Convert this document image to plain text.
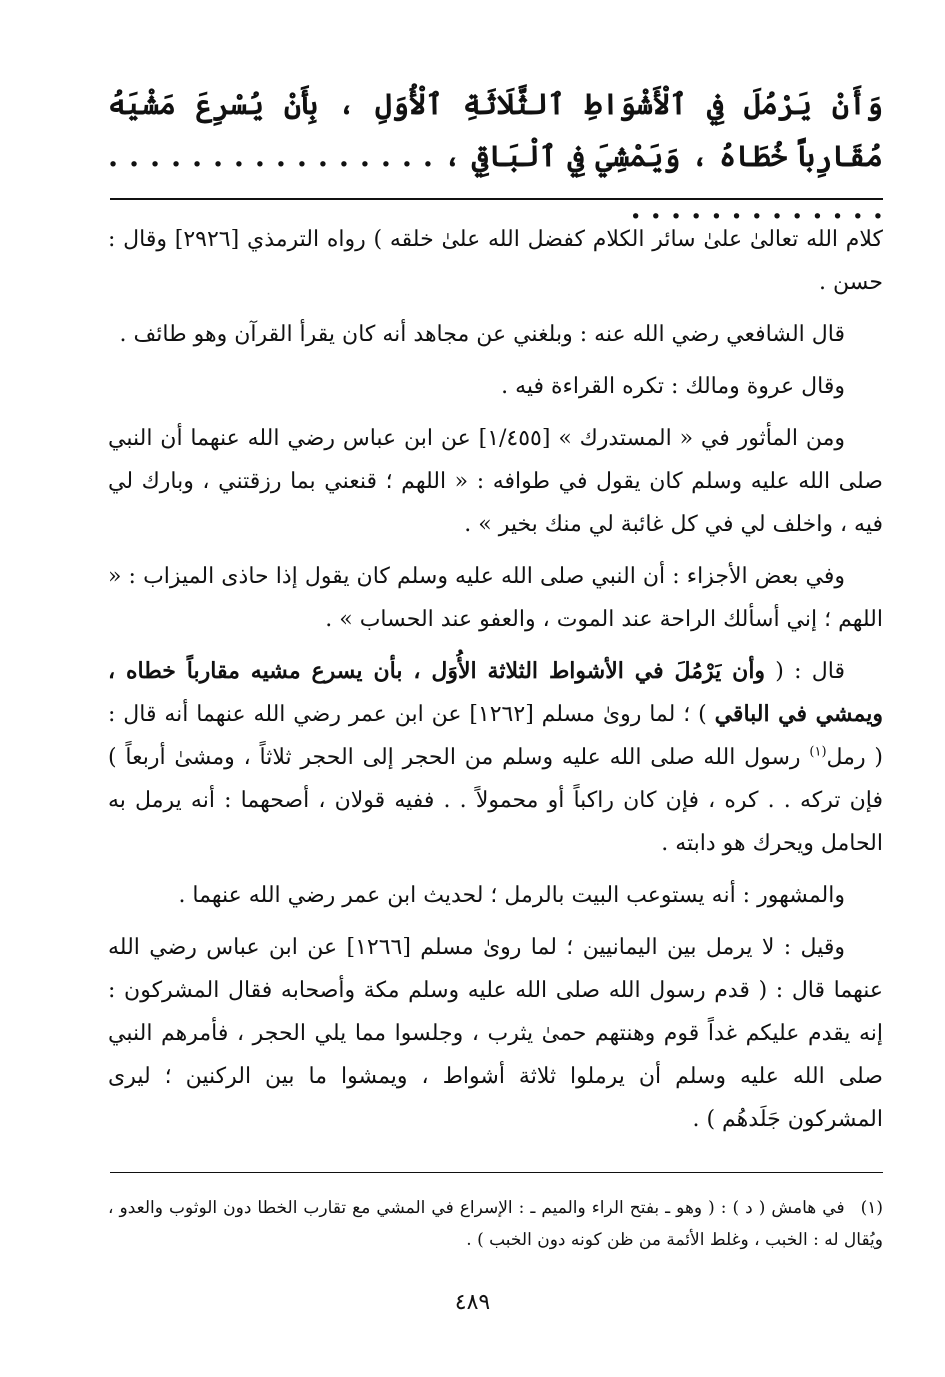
وَأَنْ يَرْمُلَ فِي ٱلْأَشْوَاطِ ٱلثَّلَاثَةِ ٱلْأُوَلِ ، بِأَنْ يُسْرِعَ مَشْيَهُ مُقَارِباً خُطَاهُ ، وَيَمْشِيَ فِي ٱلْبَاقِي ، . . . . . . . . . . . . . . . . . . . . . . . . . . . . .

كلام الله تعالىٰ علىٰ سائر الكلام كفضل الله علىٰ خلقه ) رواه الترمذي [٢٩٢٦] وقال : حسن .

قال الشافعي رضي الله عنه : وبلغني عن مجاهد أنه كان يقرأ القرآن وهو طائف .

وقال عروة ومالك : تكره القراءة فيه .

ومن المأثور في « المستدرك » [١/٤٥٥] عن ابن عباس رضي الله عنهما أن النبي صلى الله عليه وسلم كان يقول في طوافه : « اللهم ؛ قنعني بما رزقتني ، وبارك لي فيه ، واخلف لي في كل غائبة لي منك بخير » .

وفي بعض الأجزاء : أن النبي صلى الله عليه وسلم كان يقول إذا حاذى الميزاب : « اللهم ؛ إني أسألك الراحة عند الموت ، والعفو عند الحساب » .

قال : ( وأن يَرْمُلَ في الأشواط الثلاثة الأُوَل ، بأن يسرع مشيه مقارباً خطاه ، ويمشي في الباقي ) ؛ لما روىٰ مسلم [١٢٦٢] عن ابن عمر رضي الله عنهما أنه قال : ( رمل$^{(١)}$ رسول الله صلى الله عليه وسلم من الحجر إلى الحجر ثلاثاً ، ومشىٰ أربعاً ) فإن تركه . . كره ، فإن كان راكباً أو محمولاً . . ففيه قولان ، أصحهما : أنه يرمل به الحامل ويحرك هو دابته .

والمشهور : أنه يستوعب البيت بالرمل ؛ لحديث ابن عمر رضي الله عنهما .

وقيل : لا يرمل بين اليمانيين ؛ لما روىٰ مسلم [١٢٦٦] عن ابن عباس رضي الله عنهما قال : ( قدم رسول الله صلى الله عليه وسلم مكة وأصحابه فقال المشركون : إنه يقدم عليكم غداً قوم وهنتهم حمىٰ يثرب ، وجلسوا مما يلي الحجر ، فأمرهم النبي صلى الله عليه وسلم أن يرملوا ثلاثة أشواط ، ويمشوا ما بين الركنين ؛ ليرى المشركون جَلَدهُم ) .

(١)في هامش ( د ) : ( وهو ـ بفتح الراء والميم ـ : الإسراع في المشي مع تقارب الخطا دون الوثوب والعدو ، ويُقال له : الخبب ، وغلط الأئمة من ظن كونه دون الخبب ) .
٤٨٩
